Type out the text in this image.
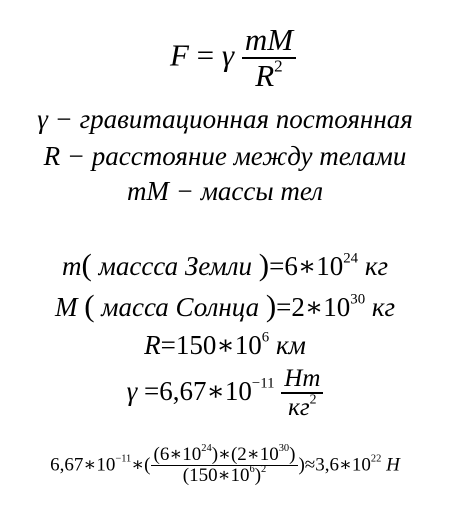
F = γ $\frac{mM}{R^2}$
γ − гравитационная постоянная
R − расстояние между телами
mM − массы тел
m( массса Земли )$=6∗10^{24}$ кг
M ( масса Солнца )$=2∗10^{30}$ кг
$R=150∗10^6$ км
$\gamma =6,67∗10^{-11} \frac{Hm}{кг^2}$
$6,67∗10^{-11}∗( \frac{(6∗10^{24})∗(2∗10^{30})}{(150∗10^6)^2}$ )$\approx 3,6∗10^{22}$ H
